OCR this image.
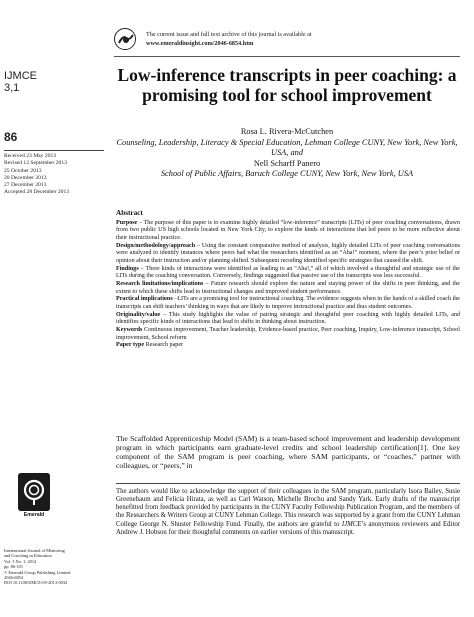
The current issue and full text archive of this journal is available at
www.emeraldinsight.com/2046-6854.htm
IJMCE
3,1
86
Received 23 May 2013
Revised 12 September 2013
25 October 2013
20 December 2013
27 December 2013
Accepted 28 December 2013
Low-inference transcripts in peer coaching: a promising tool for school improvement
Rosa L. Rivera-McCutchen
Counseling, Leadership, Literacy & Special Education, Lehman College CUNY, New York, New York, USA, and
Nell Scharff Panero
School of Public Affairs, Baruch College CUNY, New York, New York, USA
Abstract
Purpose – The purpose of this paper is to examine highly detailed “low-inference” transcripts (LITs) of peer coaching conversations, drawn from two public US high schools located in New York City, to explore the kinds of interactions that led peers to be more reflective about their instructional practice.
Design/methodology/approach – Using the constant comparative method of analysis, highly detailed LITs of peer coaching conversations were analyzed to identify instances where peers had what the researchers identified as an “Aha!” moment, where the peer’s prior belief or opinion about their instruction and/or planning shifted. Subsequent recoding identified specific strategies that caused the shift.
Findings – Three kinds of interactions were identified as leading to an “Aha!,” all of which involved a thoughtful and strategic use of the LITs during the coaching conversation. Conversely, findings suggested that passive use of the transcripts was less successful.
Research limitations/implications – Future research should explore the nature and staying power of the shifts in peer thinking, and the extent to which these shifts lead to instructional changes and improved student performance.
Practical implications –LITs are a promising tool for instructional coaching. The evidence suggests when in the hands of a skilled coach the transcripts can shift teachers’ thinking in ways that are likely to improve instructional practice and thus student outcomes.
Originality/value – This study highlights the value of pairing strategic and thoughtful peer coaching with highly detailed LITs, and identifies specific kinds of interactions that lead to shifts in thinking about instruction.
Keywords Continuous improvement, Teacher leadership, Evidence-based practice, Peer coaching, Inquiry, Low-inference transcript, School improvement, School reform
Paper type Research paper
The Scaffolded Apprenticeship Model (SAM) is a team-based school improvement and leadership development program in which participants earn graduate-level credits and school leadership certification[1]. One key component of the SAM program is peer coaching, where SAM participants, or “coaches,” partner with colleagues, or “peers,” in
Emerald
International Journal of Mentoring
and Coaching in Education
Vol. 3 No. 1, 2014
pp. 86-101
© Emerald Group Publishing Limited
2046-6854
DOI 10.1108/IJMCE-05-2013-0032
The authors would like to acknowledge the support of their colleagues in the SAM program, particularly Isora Bailey, Susie Greenebaum and Felicia Hirata, as well as Carl Watson, Michelle Brochu and Sandy Yark. Early drafts of the manuscript benefitted from feedback provided by participants in the CUNY Faculty Fellowship Publication Program, and the members of the Researchers & Writers Group at CUNY Lehman College. This research was supported by a grant from the CUNY Lehman College George N. Shuster Fellowship Fund. Finally, the authors are grateful to IJMCE’s anonymous reviewers and Editor Andrew J. Hobson for their thoughtful comments on earlier versions of this manuscript.
